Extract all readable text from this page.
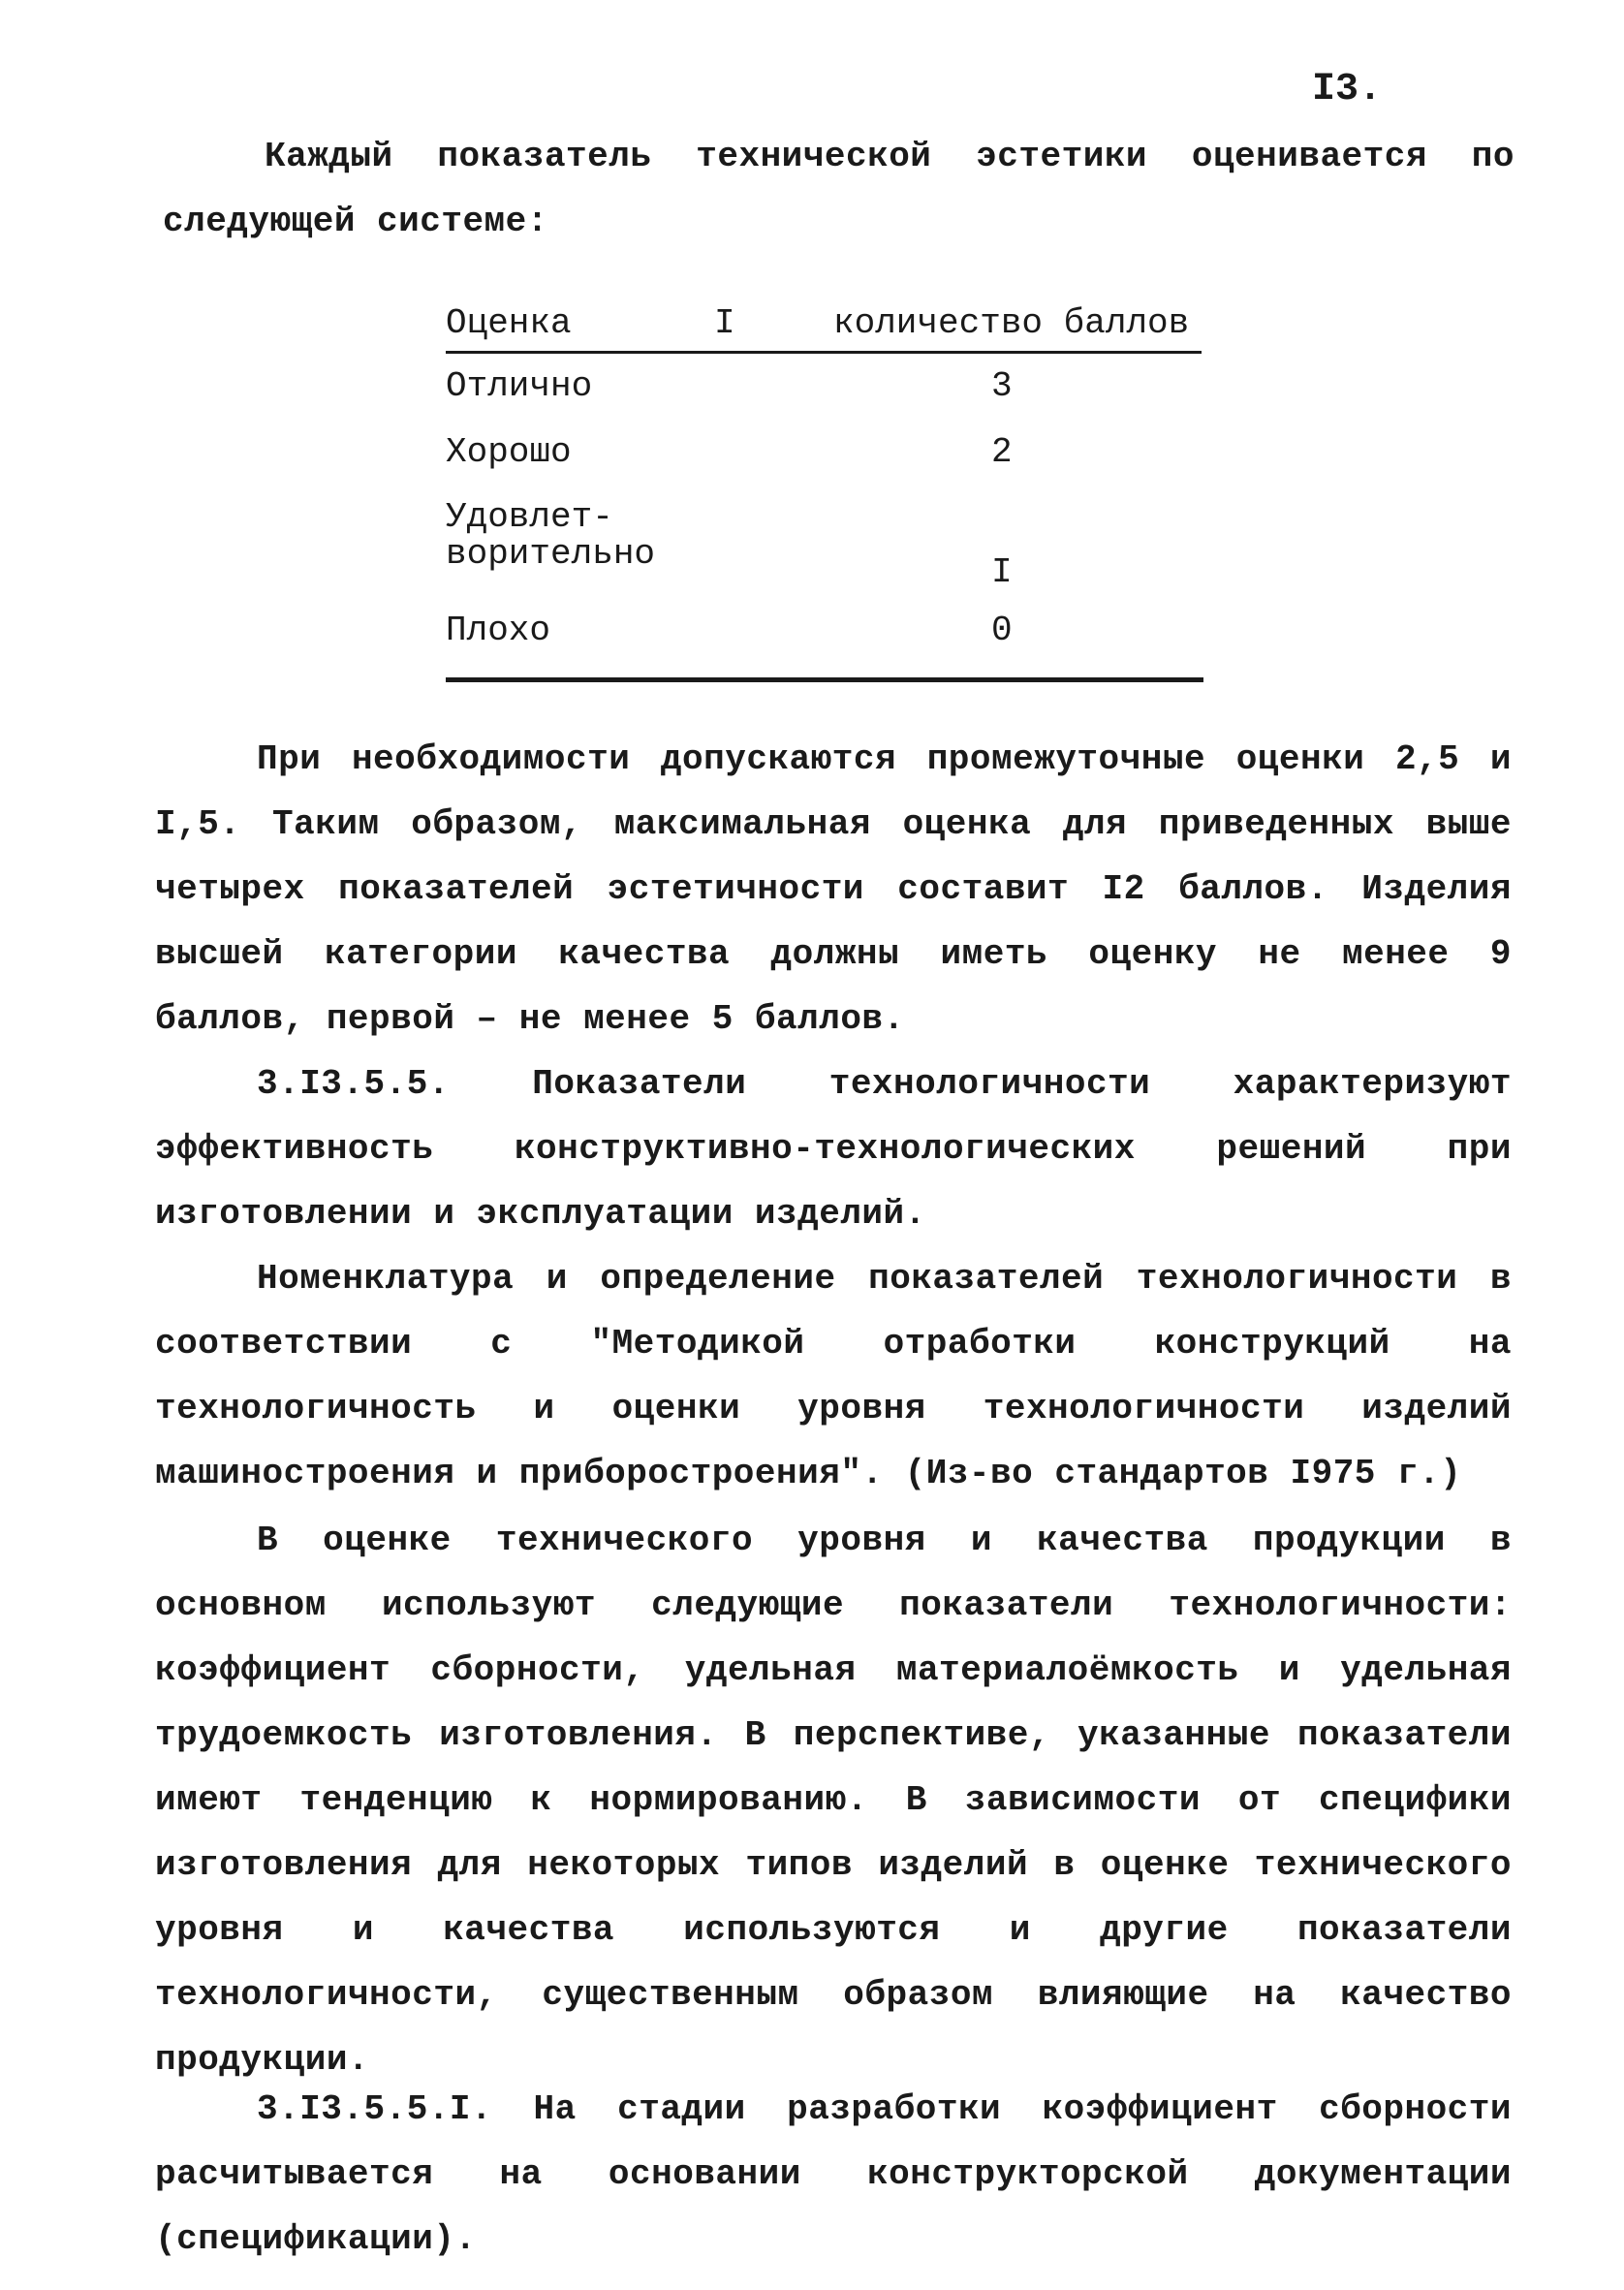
I3.

Каждый показатель технической эстетики оценивается по следующей системе:

Оценка	I	количество баллов
Отлично	3
Хорошо	2
Удовлет- ворительно	I
Плохо	0

При необходимости допускаются промежуточные оценки 2,5 и I,5. Таким образом, максимальная оценка для приведенных выше четырех показателей эстетичности составит I2 баллов. Изделия высшей категории качества должны иметь оценку не менее 9 баллов, первой – не менее 5 баллов.

3.I3.5.5. Показатели технологичности характеризуют эффективность конструктивно-технологических решений при изготовлении и эксплуатации изделий.

Номенклатура и определение показателей технологичности в соответствии с "Методикой отработки конструкций на технологичность и оценки уровня технологичности изделий машиностроения и приборостроения". (Из-во стандартов I975 г.)

В оценке технического уровня и качества продукции в основном используют следующие показатели технологичности: коэффициент сборности, удельная материалоёмкость и удельная трудоемкость изготовления. В перспективе, указанные показатели имеют тенденцию к нормированию. В зависимости от специфики изготовления для некоторых типов изделий в оценке технического уровня и качества используются и другие показатели технологичности, существенным образом влияющие на качество продукции.

3.I3.5.5.I. На стадии разработки коэффициент сборности расчитывается на основании конструкторской документации (спецификации).
